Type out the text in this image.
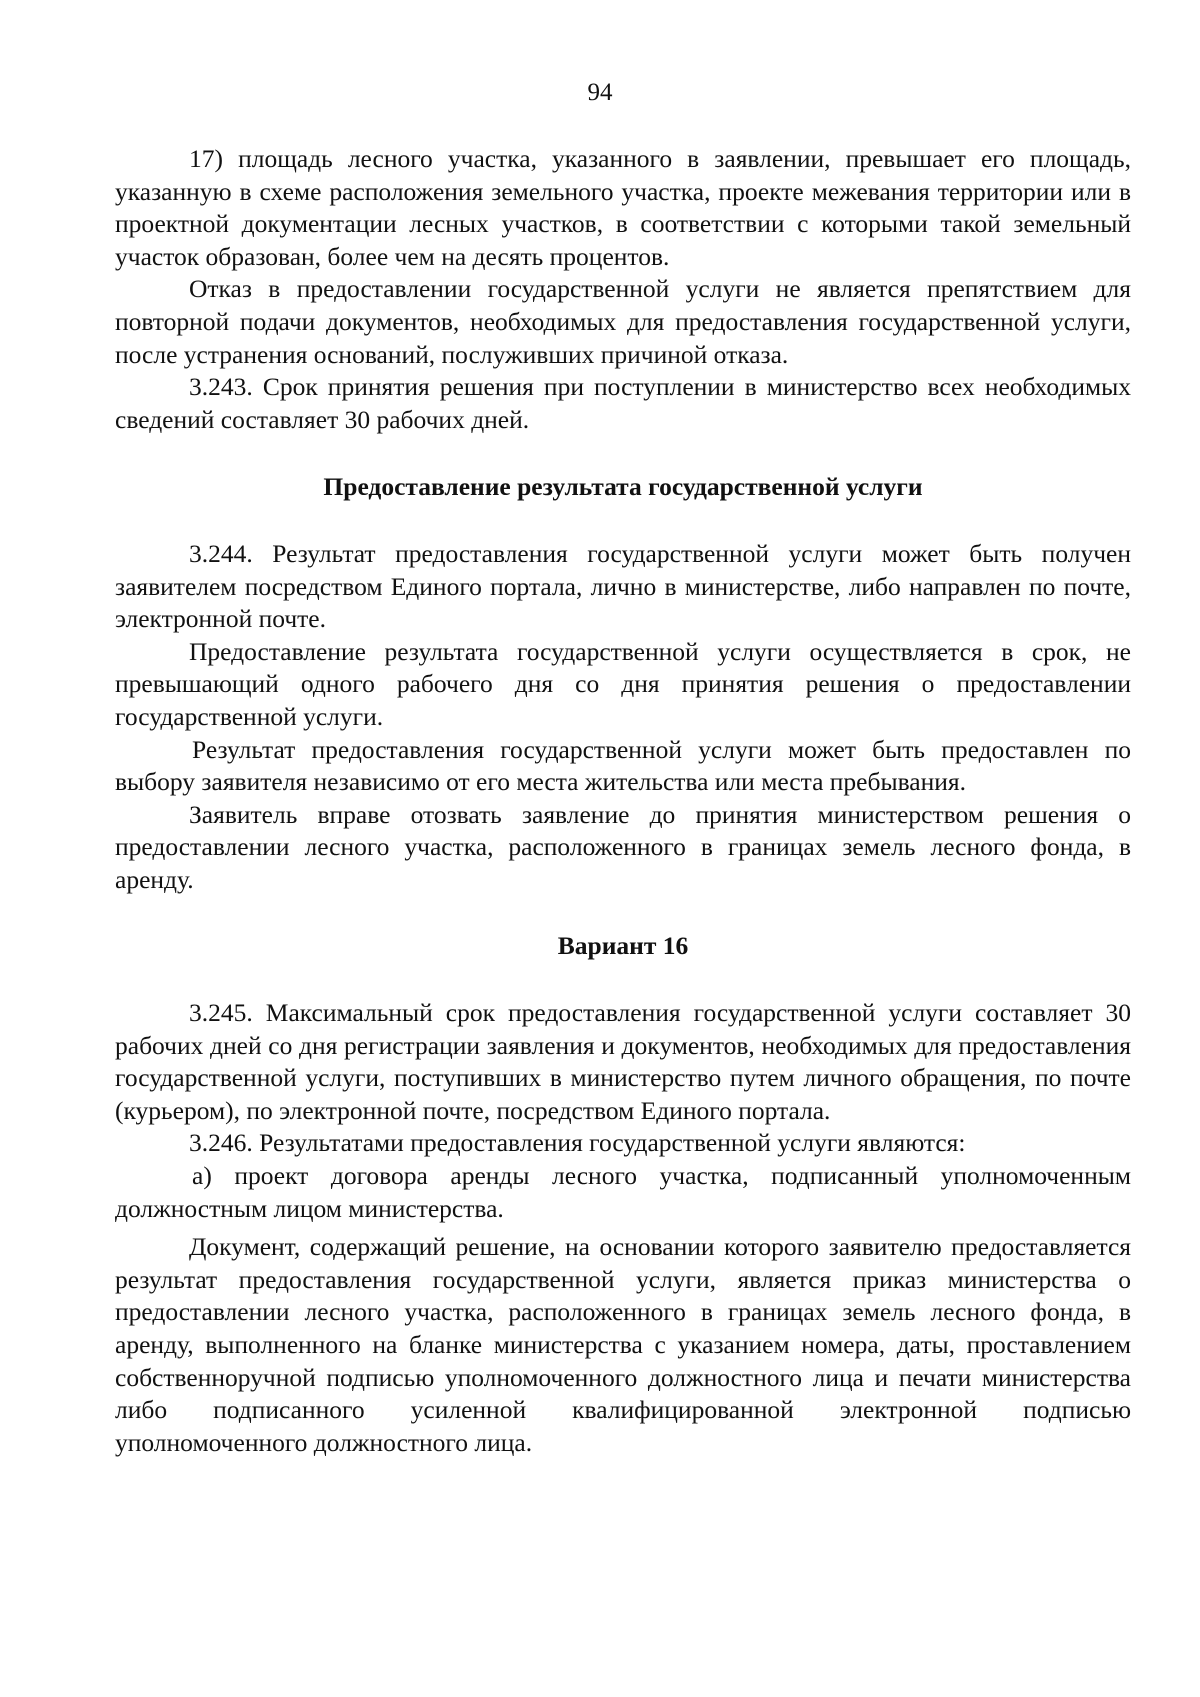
94

17) площадь лесного участка, указанного в заявлении, превышает его площадь, указанную в схеме расположения земельного участка, проекте межевания территории или в проектной документации лесных участков, в соответствии с которыми такой земельный участок образован, более чем на десять процентов.

Отказ в предоставлении государственной услуги не является препятствием для повторной подачи документов, необходимых для предоставления государственной услуги, после устранения оснований, послуживших причиной отказа.

3.243. Срок принятия решения при поступлении в министерство всех необходимых сведений составляет 30 рабочих дней.

Предоставление результата государственной услуги

3.244. Результат предоставления государственной услуги может быть получен заявителем посредством Единого портала, лично в министерстве, либо направлен по почте, электронной почте.

Предоставление результата государственной услуги осуществляется в срок, не превышающий одного рабочего дня со дня принятия решения о предоставлении государственной услуги.

Результат предоставления государственной услуги может быть предоставлен по выбору заявителя независимо от его места жительства или места пребывания.

Заявитель вправе отозвать заявление до принятия министерством решения о предоставлении лесного участка, расположенного в границах земель лесного фонда, в аренду.

Вариант 16

3.245. Максимальный срок предоставления государственной услуги составляет 30 рабочих дней со дня регистрации заявления и документов, необходимых для предоставления государственной услуги, поступивших в министерство путем личного обращения, по почте (курьером), по электронной почте, посредством Единого портала.

3.246. Результатами предоставления государственной услуги являются:

а) проект договора аренды лесного участка, подписанный уполномоченным должностным лицом министерства.

Документ, содержащий решение, на основании которого заявителю предоставляется результат предоставления государственной услуги, является приказ министерства о предоставлении лесного участка, расположенного в границах земель лесного фонда, в аренду, выполненного на бланке министерства с указанием номера, даты, проставлением собственноручной подписью уполномоченного должностного лица и печати министерства либо подписанного усиленной квалифицированной электронной подписью уполномоченного должностного лица.
